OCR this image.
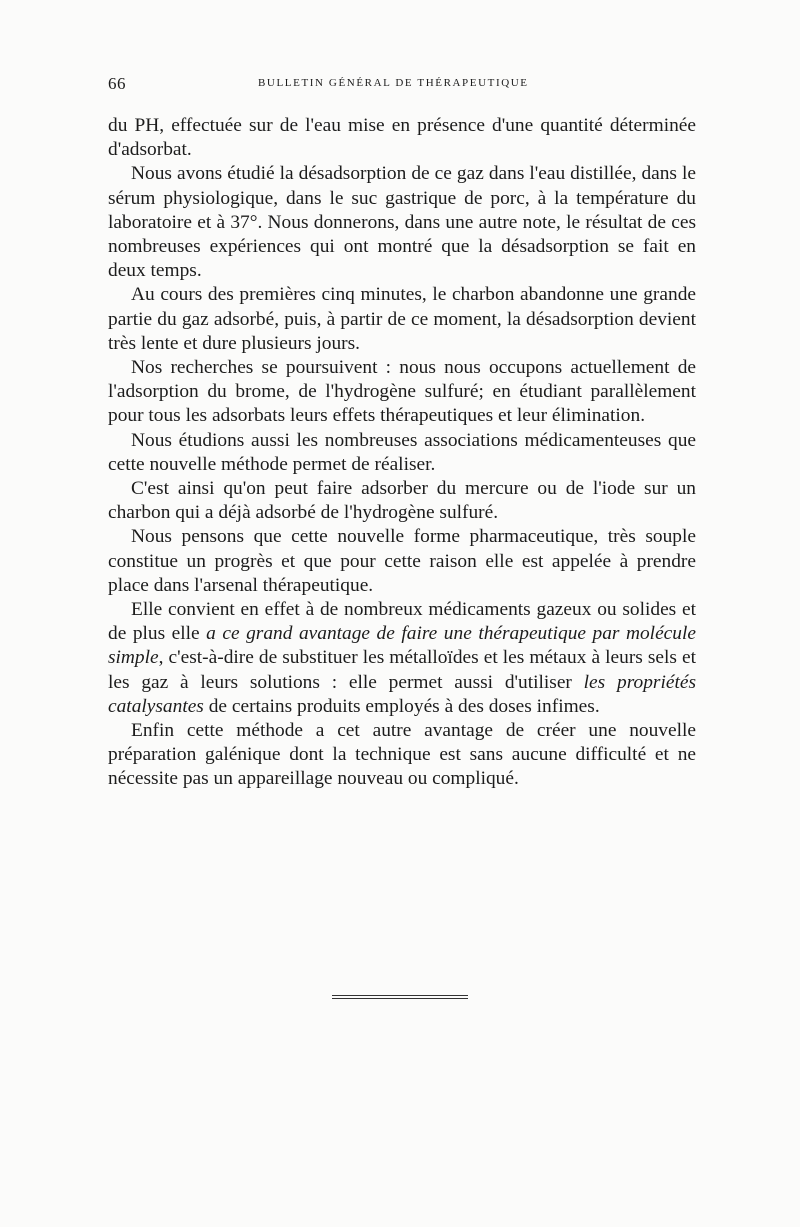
66	BULLETIN GÉNÉRAL DE THÉRAPEUTIQUE

du PH, effectuée sur de l'eau mise en présence d'une quantité déterminée d'adsorbat.

Nous avons étudié la désadsorption de ce gaz dans l'eau distillée, dans le sérum physiologique, dans le suc gastrique de porc, à la température du laboratoire et à 37°. Nous donnerons, dans une autre note, le résultat de ces nombreuses expériences qui ont montré que la désadsorption se fait en deux temps.

Au cours des premières cinq minutes, le charbon abandonne une grande partie du gaz adsorbé, puis, à partir de ce moment, la désadsorption devient très lente et dure plusieurs jours.

Nos recherches se poursuivent : nous nous occupons actuellement de l'adsorption du brome, de l'hydrogène sulfuré; en étudiant parallèlement pour tous les adsorbats leurs effets thérapeutiques et leur élimination.

Nous étudions aussi les nombreuses associations médicamenteuses que cette nouvelle méthode permet de réaliser.

C'est ainsi qu'on peut faire adsorber du mercure ou de l'iode sur un charbon qui a déjà adsorbé de l'hydrogène sulfuré.

Nous pensons que cette nouvelle forme pharmaceutique, très souple constitue un progrès et que pour cette raison elle est appelée à prendre place dans l'arsenal thérapeutique.

Elle convient en effet à de nombreux médicaments gazeux ou solides et de plus elle a ce grand avantage de faire une thérapeutique par molécule simple, c'est-à-dire de substituer les métalloïdes et les métaux à leurs sels et les gaz à leurs solutions : elle permet aussi d'utiliser les propriétés catalysantes de certains produits employés à des doses infimes.

Enfin cette méthode a cet autre avantage de créer une nouvelle préparation galénique dont la technique est sans aucune difficulté et ne nécessite pas un appareillage nouveau ou compliqué.
